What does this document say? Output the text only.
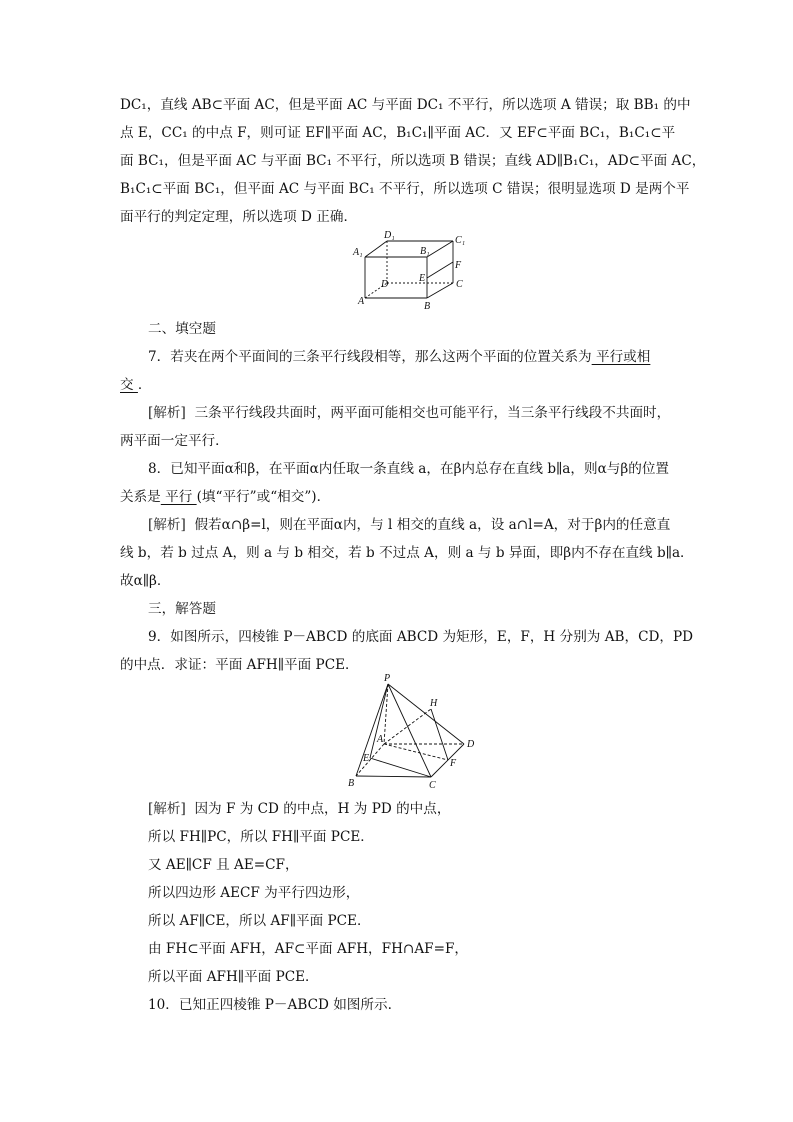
DC₁，直线 AB⊂平面 AC，但是平面 AC 与平面 DC₁ 不平行，所以选项 A 错误；取 BB₁ 的中
点 E，CC₁ 的中点 F，则可证 EF∥平面 AC，B₁C₁∥平面 AC．又 EF⊂平面 BC₁，B₁C₁⊂平
面 BC₁，但是平面 AC 与平面 BC₁ 不平行，所以选项 B 错误；直线 AD∥B₁C₁，AD⊂平面 AC，
B₁C₁⊂平面 BC₁，但平面 AC 与平面 BC₁ 不平行，所以选项 C 错误；很明显选项 D 是两个平
面平行的判定定理，所以选项 D 正确．
A₁
D₁
B₁
C₁
D
E
F
C
A	B
二、填空题
7．若夹在两个平面间的三条平行线段相等，那么这两个平面的位置关系为 平行或相
交 ．
[解析] 三条平行线段共面时，两平面可能相交也可能平行，当三条平行线段不共面时，
两平面一定平行．
8．已知平面α和β，在平面α内任取一条直线 a，在β内总存在直线 b∥a，则α与β的位置
关系是 平行 (填“平行”或“相交”)．
[解析] 假若α∩β=l，则在平面α内，与 l 相交的直线 a，设 a∩l=A，对于β内的任意直
线 b，若 b 过点 A，则 a 与 b 相交，若 b 不过点 A，则 a 与 b 异面，即β内不存在直线 b∥a．
故α∥β．
三，解答题
9．如图所示，四棱锥 P－ABCD 的底面 ABCD 为矩形，E，F，H 分别为 AB，CD，PD
的中点．求证：平面 AFH∥平面 PCE．
P
H
A	D
E	F
B	C
[解析] 因为 F 为 CD 的中点，H 为 PD 的中点，
所以 FH∥PC，所以 FH∥平面 PCE．
又 AE∥CF 且 AE=CF，
所以四边形 AECF 为平行四边形，
所以 AF∥CE，所以 AF∥平面 PCE．
由 FH⊂平面 AFH，AF⊂平面 AFH，FH∩AF=F，
所以平面 AFH∥平面 PCE．
10．已知正四棱锥 P－ABCD 如图所示.
